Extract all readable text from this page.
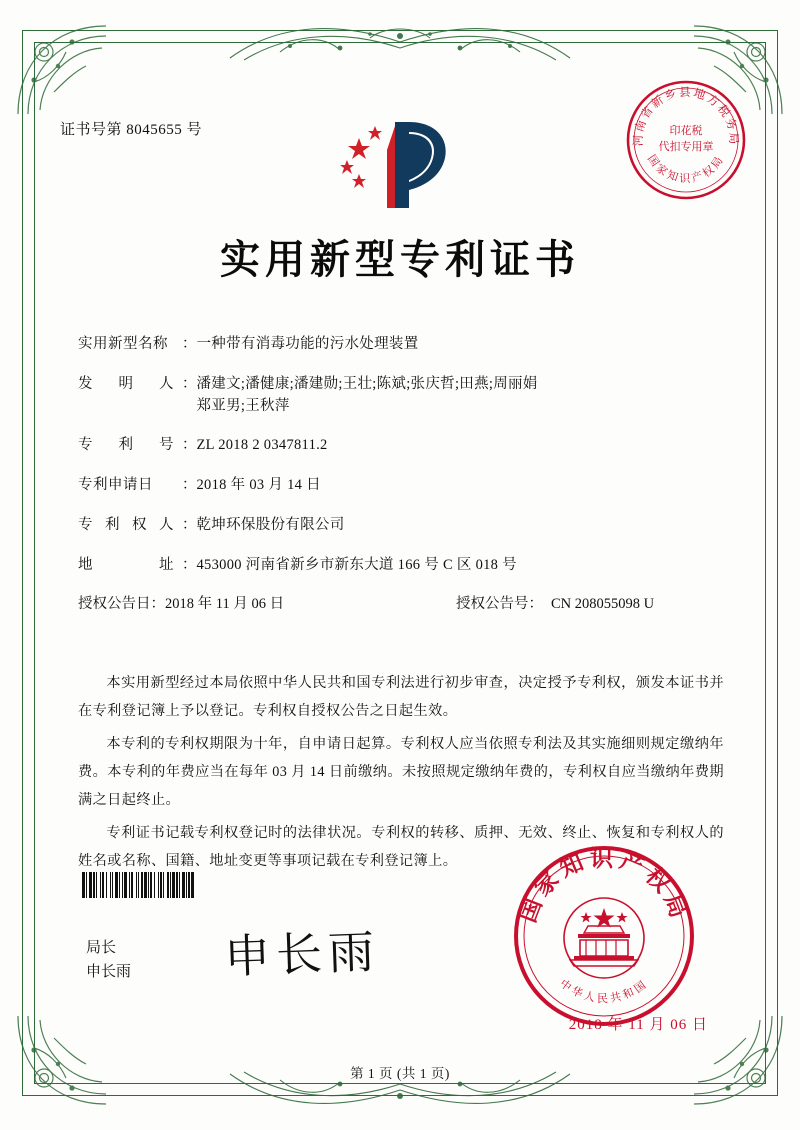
证书号第 8045655 号
河南省新乡县地方税务局
国家知识产权局
印花税
代扣专用章
实用新型专利证书
实用新型名称 ： 一种带有消毒功能的污水处理装置
发明人 ： 潘建文;潘健康;潘建勋;王壮;陈斌;张庆哲;田燕;周丽娟
郑亚男;王秋萍
专利号 ： ZL 2018 2 0347811.2
专利申请日	： 2018 年 03 月 14 日
专利权人 ： 乾坤环保股份有限公司
地址 ： 453000 河南省新乡市新东大道 166 号 C 区 018 号
授权公告日 ： 2018 年 11 月 06 日	授权公告号 ： CN 208055098 U

本实用新型经过本局依照中华人民共和国专利法进行初步审查，决定授予专利权，颁发本证书并在专利登记簿上予以登记。专利权自授权公告之日起生效。

本专利的专利权期限为十年，自申请日起算。专利权人应当依照专利法及其实施细则规定缴纳年费。本专利的年费应当在每年 03 月 14 日前缴纳。未按照规定缴纳年费的，专利权自应当缴纳年费期满之日起终止。

专利证书记载专利权登记时的法律状况。专利权的转移、质押、无效、终止、恢复和专利权人的姓名或名称、国籍、地址变更等事项记载在专利登记簿上。

局长
申长雨 申长雨
国家知识产权局
中华人民共和国
2018 年 11 月 06 日
第 1 页 (共 1 页)
